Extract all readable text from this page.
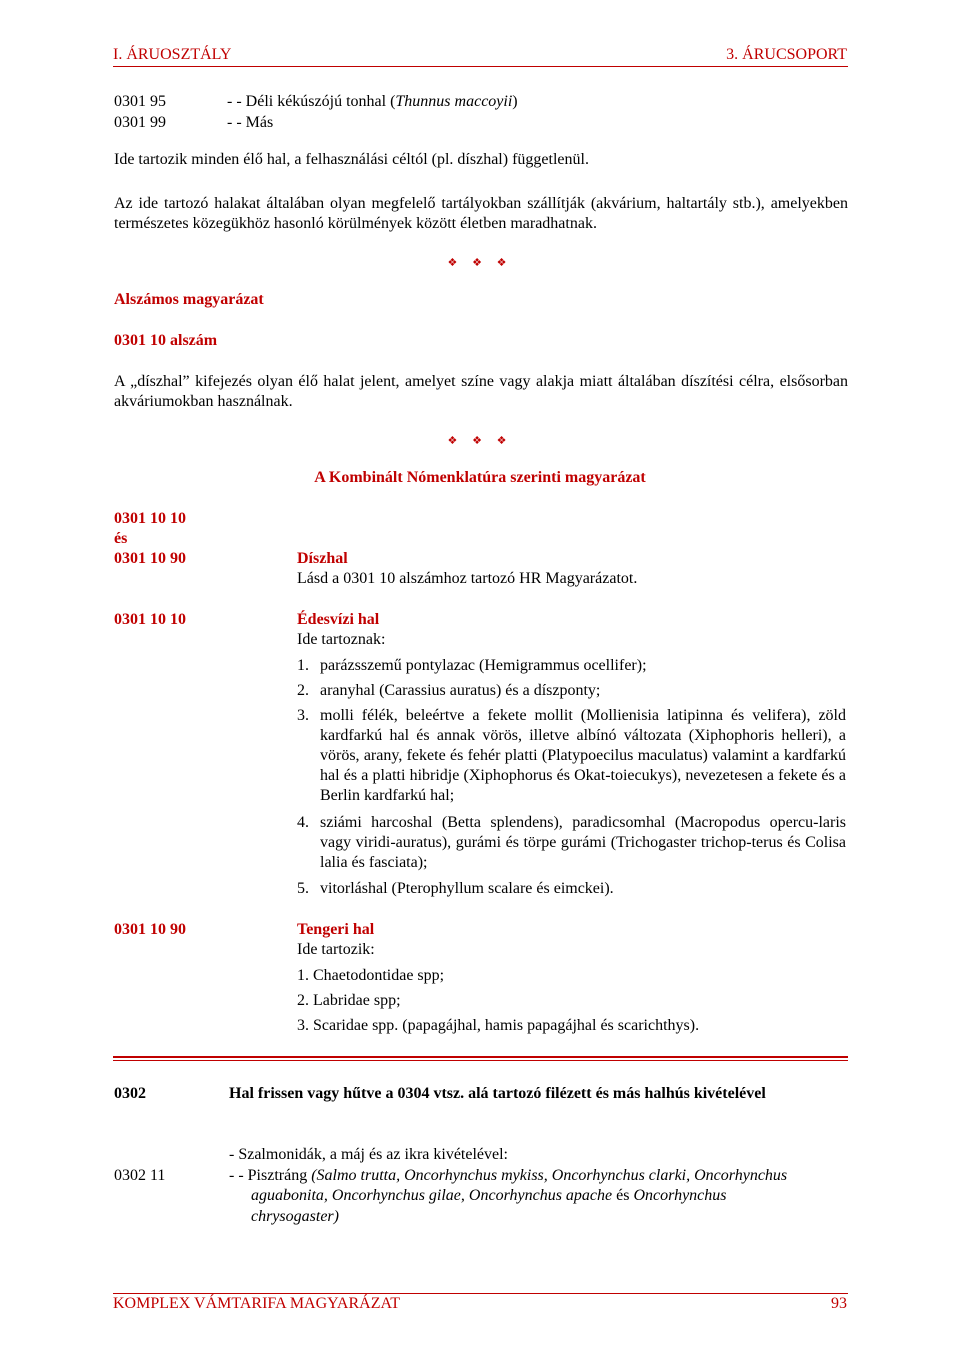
I. ÁRUOSZTÁLY	3. ÁRUCSOPORT
0301 95	- - Déli kékúszójú tonhal (Thunnus maccoyii)
0301 99	- - Más
Ide tartozik minden élő hal, a felhasználási céltól (pl. díszhal) függetlenül.
Az ide tartozó halakat általában olyan megfelelő tartályokban szállítják (akvárium, haltartály stb.), amelyekben természetes közegükhöz hasonló körülmények között életben maradhatnak.
❖ ❖ ❖
Alszámos magyarázat
0301 10 alszám
A „díszhal” kifejezés olyan élő halat jelent, amelyet színe vagy alakja miatt általában díszítési célra, elsősorban akváriumokban használnak.
❖ ❖ ❖
A Kombinált Nómenklatúra szerinti magyarázat
0301 10 10
és
0301 10 90	Díszhal
Lásd a 0301 10 alszámhoz tartozó HR Magyarázatot.
0301 10 10	Édesvízi hal
Ide tartoznak:
1. parázsszemű pontylazac (Hemigrammus ocellifer);
2. aranyhal (Carassius auratus) és a díszponty;
3. molli félék, beleértve a fekete mollit (Mollienisia latipinna és velifera), zöld kardfarkú hal és annak vörös, illetve albínó változata (Xiphophoris helleri), a vörös, arany, fekete és fehér platti (Platypoecilus maculatus) valamint a kardfarkú hal és a platti hibridje (Xiphophorus és Okat-toiecukys), nevezetesen a fekete és a Berlin kardfarkú hal;
4. sziámi harcoshal (Betta splendens), paradicsomhal (Macropodus opercu-laris vagy viridi-auratus), gurámi és törpe gurámi (Trichogaster trichop-terus és Colisa lalia és fasciata);
5. vitorláshal (Pterophyllum scalare és eimckei).
0301 10 90	Tengeri hal
Ide tartozik:
1. Chaetodontidae spp;
2. Labridae spp;
3. Scaridae spp. (papagájhal, hamis papagájhal és scarichthys).
0302	Hal frissen vagy hűtve a 0304 vtsz. alá tartozó filézett és más halhús kivételével
- Szalmonidák, a máj és az ikra kivételével:
0302 11	- - Pisztráng (Salmo trutta, Oncorhynchus mykiss, Oncorhynchus clarki, Oncorhynchus
aguabonita, Oncorhynchus gilae, Oncorhynchus apache és Oncorhynchus
chrysogaster)
KOMPLEX VÁMTARIFA MAGYARÁZAT	93
